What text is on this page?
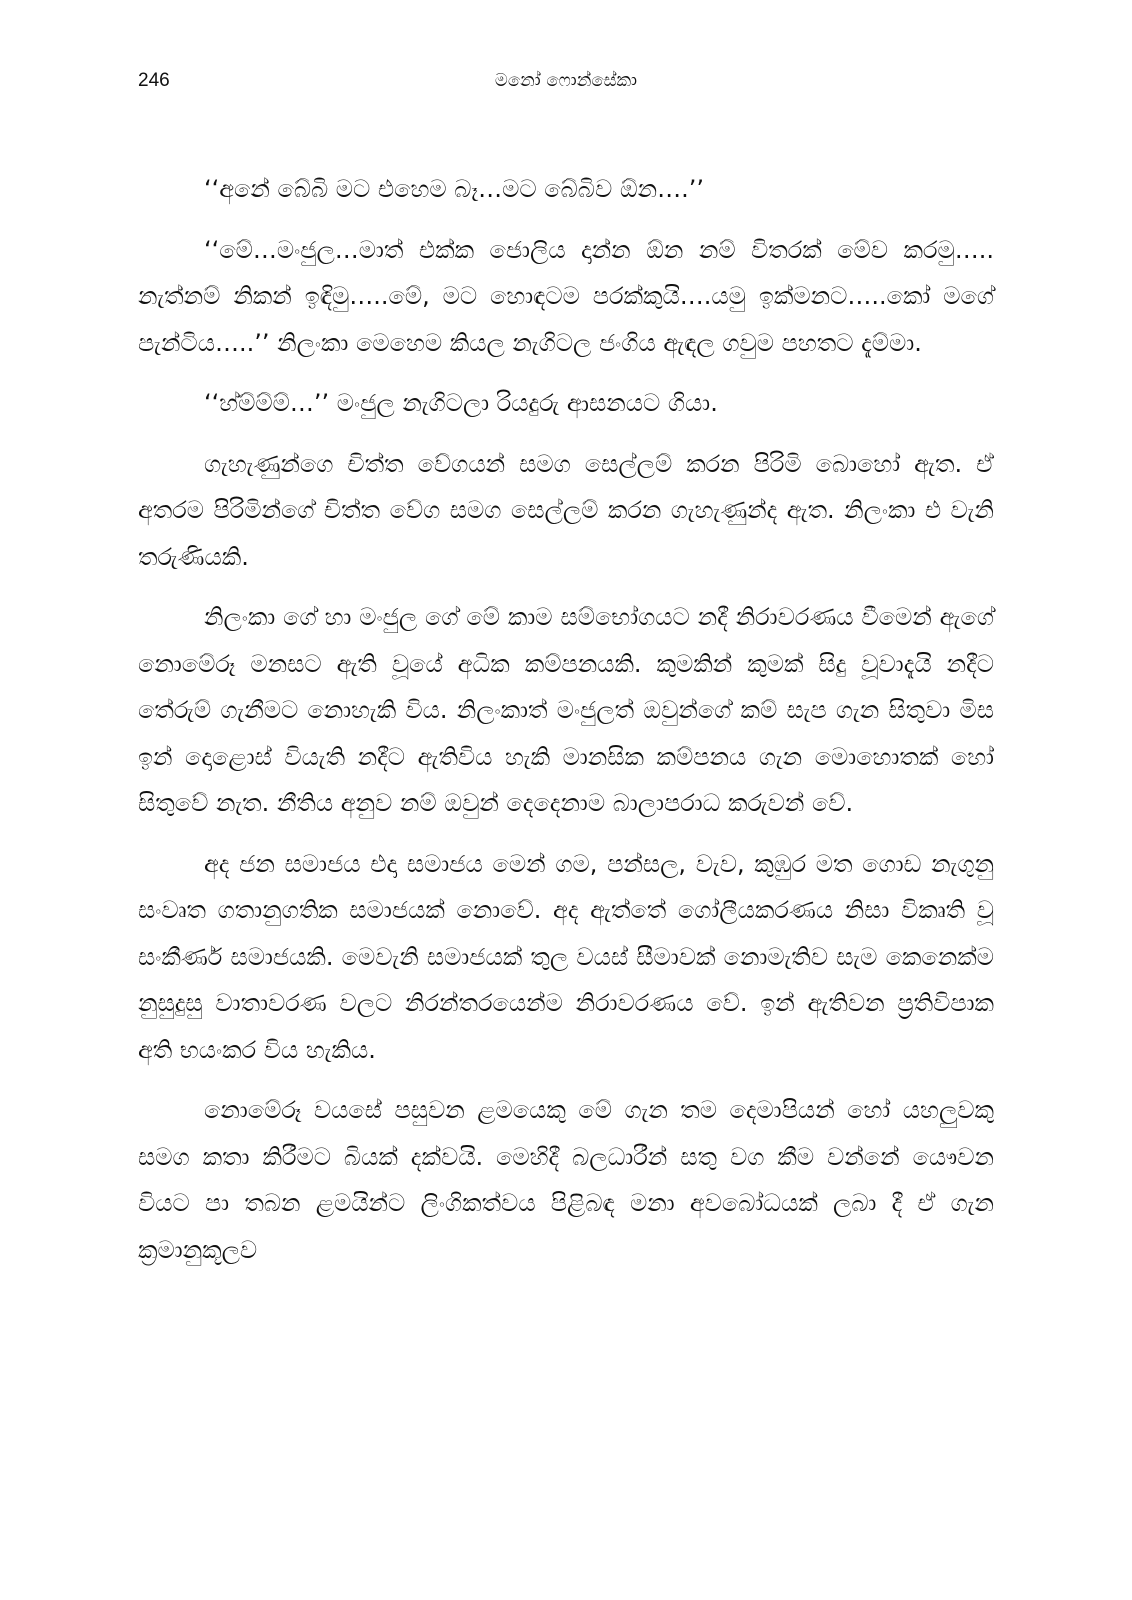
246	මනෝ ෆොන්සේකා

‘‘අනේ බේබි මට එහෙම බෑ…මට බේබිව ඕන….’’

‘‘මේ…මංජුල…මාත් එක්ක ජොලිය දාන්න ඕන නම් විතරක් මේව කරමු….. නැත්නම් නිකන් ඉඳිමු…..මේ, මට හොඳටම පරක්කුයි….යමු ඉක්මනට…..කෝ මගේ පැන්ටිය…..’’ නිලංකා මෙහෙම කියල නැගිටල ජංගිය ඇඳල ගවුම පහතට දැම්මා.

‘‘හ්ම්ම්ම්…’’ මංජුල නැගිටලා රියදුරු ආසනයට ගියා.

ගැහැණුන්ගෙ චිත්ත වේගයන් සමග සෙල්ලම් කරන පිරිමි බොහෝ ඇත. ඒ අතරම පිරිමින්ගේ චිත්ත වේග සමග සෙල්ලම් කරන ගැහැණුන්ද ඇත. නිලංකා එ වැනි තරුණියකි.

නිලංකා ගේ හා මංජුල ගේ මේ කාම සම්භෝගයට නදී නිරාවරණය වීමෙන් ඇගේ නොමේරූ මනසට ඇති වූයේ අධික කම්පනයකි. කුමකින් කුමක් සිදු වූවාදැයි නදීට තේරුම් ගැනීමට නොහැකි විය. නිලංකාත් මංජුලත් ඔවුන්ගේ කම් සැප ගැන සිතුවා මිස ඉන් දොළොස් වියැති නදීට ඇතිවිය හැකි මානසික කම්පනය ගැන මොහොතක් හෝ සිතුවේ නැත. නීතිය අනුව නම් ඔවුන් දෙදෙනාම බාලාපරාධ කරුවන් වේ.

අද ජන සමාජය එදා සමාජය මෙන් ගම, පන්සල, වැව, කුඹුර මත ගොඩ නැගුනු සංවෘත ගතානුගතික සමාජයක් නොවේ. අද ඇත්තේ ගෝලීයකරණය නිසා විකෘති වූ සංකීර්ණ සමාජයකි. මෙවැනි සමාජයක් තුල වයස් සීමාවක් නොමැතිව සැම කෙනෙක්ම නුසුදුසු වාතාවරණ වලට නිරන්තරයෙන්ම නිරාවරණය වේ. ඉන් ඇතිවන ප්‍රතිවිපාක අති භයංකර විය හැකිය.

නොමේරූ වයසේ පසුවන ළමයෙකු මේ ගැන තම දෙමාපියන් හෝ යහලුවකු සමග කතා කිරීමට බියක් දක්වයි. මෙහිදී බලධාරීන් සතු වග කීම වන්නේ යෞවන වියට පා තබන ළමයින්ට ලිංගිකත්වය පිළිබඳ මනා අවබෝධයක් ලබා දී ඒ ගැන ක්‍රමානුකූලව
